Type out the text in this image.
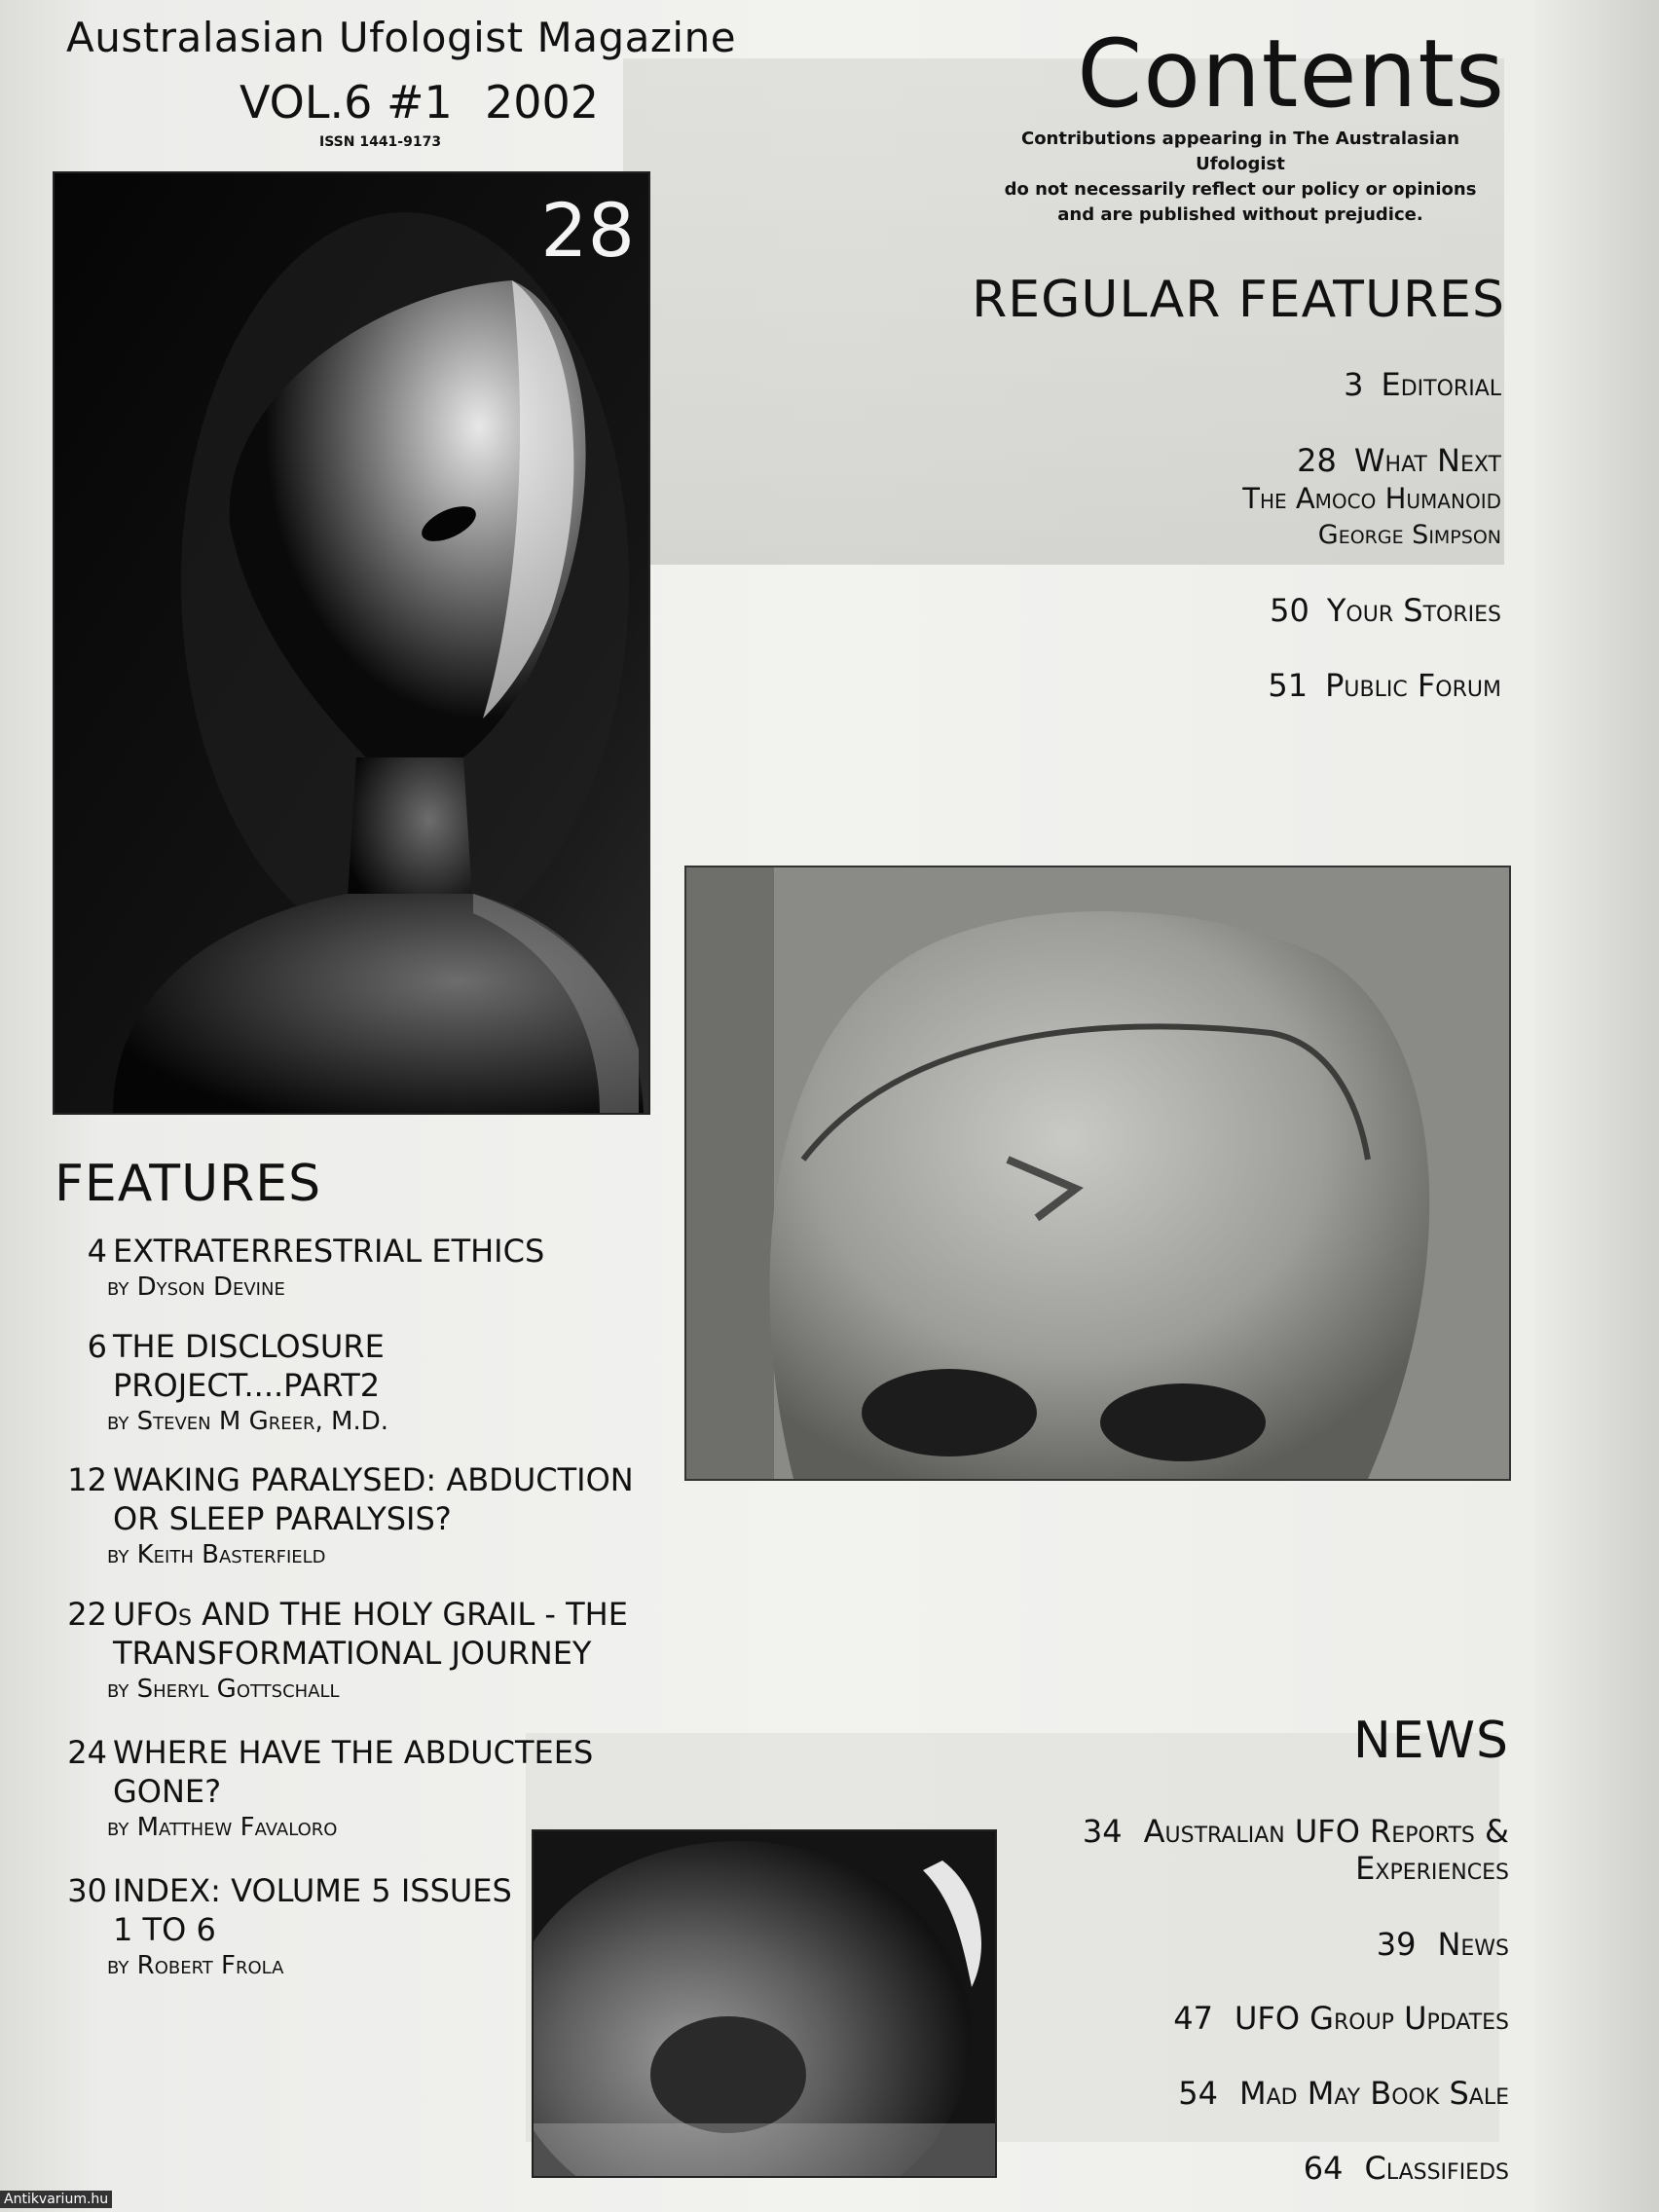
Australasian Ufologist Magazine
VOL.6 #1 2002
ISSN 1441-9173
Contents
Contributions appearing in The Australasian Ufologist
do not necessarily reflect our policy or opinions
and are published without prejudice.
28
REGULAR FEATURES
3 Editorial
28 What Next
The Amoco Humanoid
George Simpson
50 Your Stories
51 Public Forum
FEATURES
4 EXTRATERRESTRIAL ETHICS
by Dyson Devine
6 THE DISCLOSURE
PROJECT....PART2
by Steven M Greer, M.D.
12 WAKING PARALYSED: ABDUCTION
OR SLEEP PARALYSIS?
by Keith Basterfield
22 UFOs AND THE HOLY GRAIL - THE
TRANSFORMATIONAL JOURNEY
by Sheryl Gottschall
24 WHERE HAVE THE ABDUCTEES
GONE?
by Matthew Favaloro
30 INDEX: VOLUME 5 ISSUES
1 TO 6
by Robert Frola
NEWS
34 Australian UFO Reports &
Experiences
39 News
47 UFO Group Updates
54 Mad May Book Sale
64 Classifieds
Antikvarium.hu
